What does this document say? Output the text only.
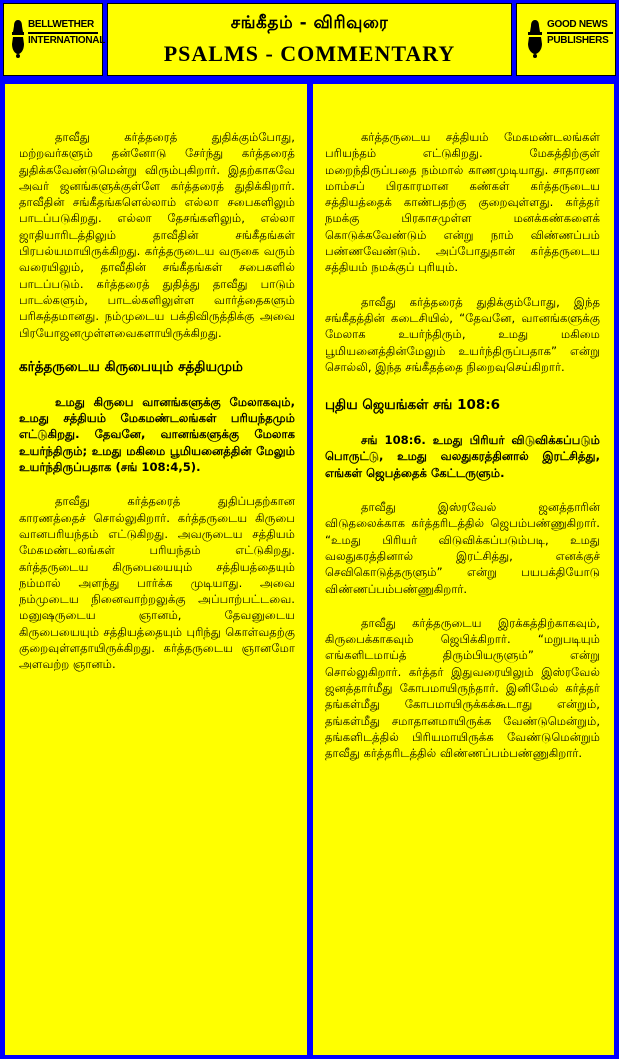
BELLWETHER
INTERNATIONAL
சங்கீதம் - விரிவுரை
PSALMS - COMMENTARY
GOOD NEWS
PUBLISHERS

தாவீது கர்த்தரைத் துதிக்கும்போது, மற்றவர்களும் தன்னோடு சேர்ந்து கர்த்தரைத் துதிக்கவேண்டுமென்று விரும்புகிறார். இதற்காகவே அவர் ஜனங்களுக்குள்ளே கர்த்தரைத் துதிக்கிறார். தாவீதின் சங்கீதங்களெல்லாம் எல்லா சபைகளிலும் பாடப்படுகிறது. எல்லா தேசங்களிலும், எல்லா ஜாதியாரிடத்திலும் தாவீதின் சங்கீதங்கள் பிரபல்யமாயிருக்கிறது. கர்த்தருடைய வருகை வரும் வரையிலும், தாவீதின் சங்கீதங்கள் சபைகளில் பாடப்படும். கர்த்தரைத் துதித்து தாவீது பாடும் பாடல்களும், பாடல்களிலுள்ள வார்த்தைகளும் பரிசுத்தமானது. நம்முடைய பக்திவிருத்திக்கு அவை பிரயோஜனமுள்ளவைகளாயிருக்கிறது.

கர்த்தருடைய கிருபையும் சத்தியமும்

உமது கிருபை வானங்களுக்கு மேலாகவும், உமது சத்தியம் மேகமண்டலங்கள் பரியந்தமும் எட்டுகிறது. தேவனே, வானங்களுக்கு மேலாக உயர்ந்திரும்; உமது மகிமை பூமியனைத்தின் மேலும் உயர்ந்திருப்பதாக (சங் 108:4,5).

தாவீது கர்த்தரைத் துதிப்பதற்கான காரணத்தைச் சொல்லுகிறார். கர்த்தருடைய கிருபை வானபரியந்தம் எட்டுகிறது. அவருடைய சத்தியம் மேகமண்டலங்கள் பரியந்தம் எட்டுகிறது. கர்த்தருடைய கிருபையையும் சத்தியத்தையும் நம்மால் அளந்து பார்க்க முடியாது. அவை நம்முடைய நினைவாற்றலுக்கு அப்பாற்பட்டவை. மனுஷருடைய ஞானம், தேவனுடைய கிருபையையும் சத்தியத்தையும் புரிந்து கொள்வதற்கு குறைவுள்ளதாயிருக்கிறது. கர்த்தருடைய ஞானமோ அளவற்ற ஞானம்.

கர்த்தருடைய சத்தியம் மேகமண்டலங்கள் பரியந்தம் எட்டுகிறது. மேகத்திற்குள் மறைந்திருப்பதை நம்மால் காணமுடியாது. சாதாரண மாம்சப் பிரகாரமான கண்கள் கர்த்தருடைய சத்தியத்தைக் காண்பதற்கு குறைவுள்ளது. கர்த்தர் நமக்கு பிரகாசமுள்ள மனக்கண்களைக் கொடுக்கவேண்டும் என்று நாம் விண்ணப்பம் பண்ணவேண்டும். அப்போதுதான் கர்த்தருடைய சத்தியம் நமக்குப் புரியும்.

தாவீது கர்த்தரைத் துதிக்கும்போது, இந்த சங்கீதத்தின் கடைசியில், “தேவனே, வானங்களுக்கு மேலாக உயர்ந்திரும், உமது மகிமை பூமியனைத்தின்மேலும் உயர்ந்திருப்பதாக” என்று சொல்லி, இந்த சங்கீதத்தை நிறைவுசெய்கிறார்.

புதிய ஜெயங்கள் சங் 108:6

சங் 108:6. உமது பிரியர் விடுவிக்கப்படும் பொருட்டு, உமது வலதுகரத்தினால் இரட்சித்து, எங்கள் ஜெபத்தைக் கேட்டருளும்.

தாவீது இஸ்ரவேல் ஜனத்தாரின் விடுதலைக்காக கர்த்தரிடத்தில் ஜெபம்பண்ணுகிறார். “உமது பிரியர் விடுவிக்கப்படும்படி, உமது வலதுகரத்தினால் இரட்சித்து, எனக்குச் செவிகொடுத்தருளும்” என்று பயபக்தியோடு விண்ணப்பம்பண்ணுகிறார்.

தாவீது கர்த்தருடைய இரக்கத்திற்காகவும், கிருபைக்காகவும் ஜெபிக்கிறார். “மறுபடியும் எங்களிடமாய்த் திரும்பியருளும்” என்று சொல்லுகிறார். கர்த்தர் இதுவரையிலும் இஸ்ரவேல் ஜனத்தார்மீது கோபமாயிருந்தார். இனிமேல் கர்த்தர் தங்கள்மீது கோபமாயிருக்கக்கூடாது என்றும், தங்கள்மீது சமாதானமாயிருக்க வேண்டுமென்றும், தங்களிடத்தில் பிரியமாயிருக்க வேண்டுமென்றும் தாவீது கர்த்தரிடத்தில் விண்ணப்பம்பண்ணுகிறார்.
